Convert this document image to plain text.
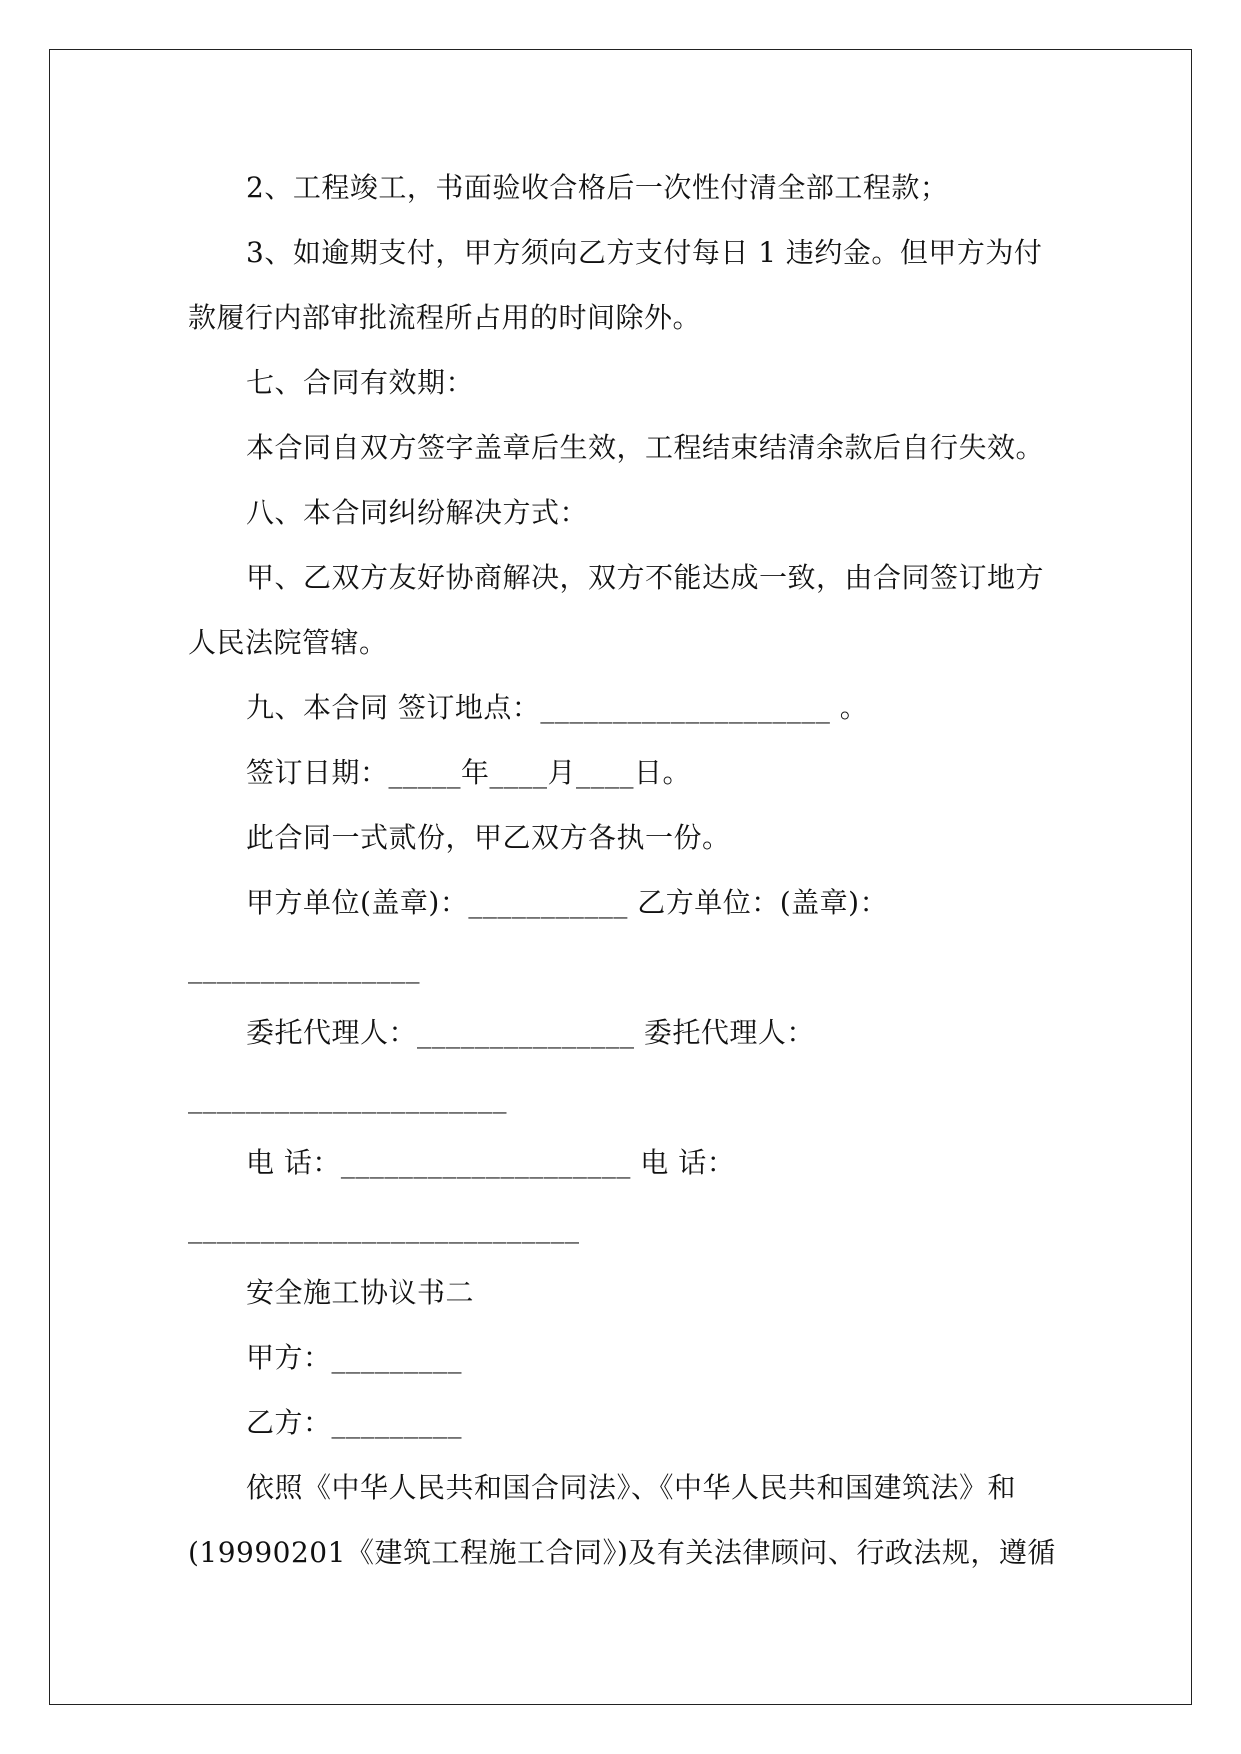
2、工程竣工，书面验收合格后一次性付清全部工程款；
3、如逾期支付，甲方须向乙方支付每日 1 违约金。但甲方为付
款履行内部审批流程所占用的时间除外。
七、合同有效期：
本合同自双方签字盖章后生效，工程结束结清余款后自行失效。
八、本合同纠纷解决方式：
甲、乙双方友好协商解决，双方不能达成一致，由合同签订地方
人民法院管辖。
九、本合同 签订地点：____________________ 。
签订日期：_____年____月____日。
此合同一式贰份，甲乙双方各执一份。
甲方单位(盖章)：___________ 乙方单位：(盖章)：
________________
委托代理人：_______________ 委托代理人：
______________________
电 话：____________________ 电 话：
___________________________
安全施工协议书二
甲方：_________
乙方：_________
依照《中华人民共和国合同法》、《中华人民共和国建筑法》和
(19990201《建筑工程施工合同》)及有关法律顾问、行政法规，遵循
